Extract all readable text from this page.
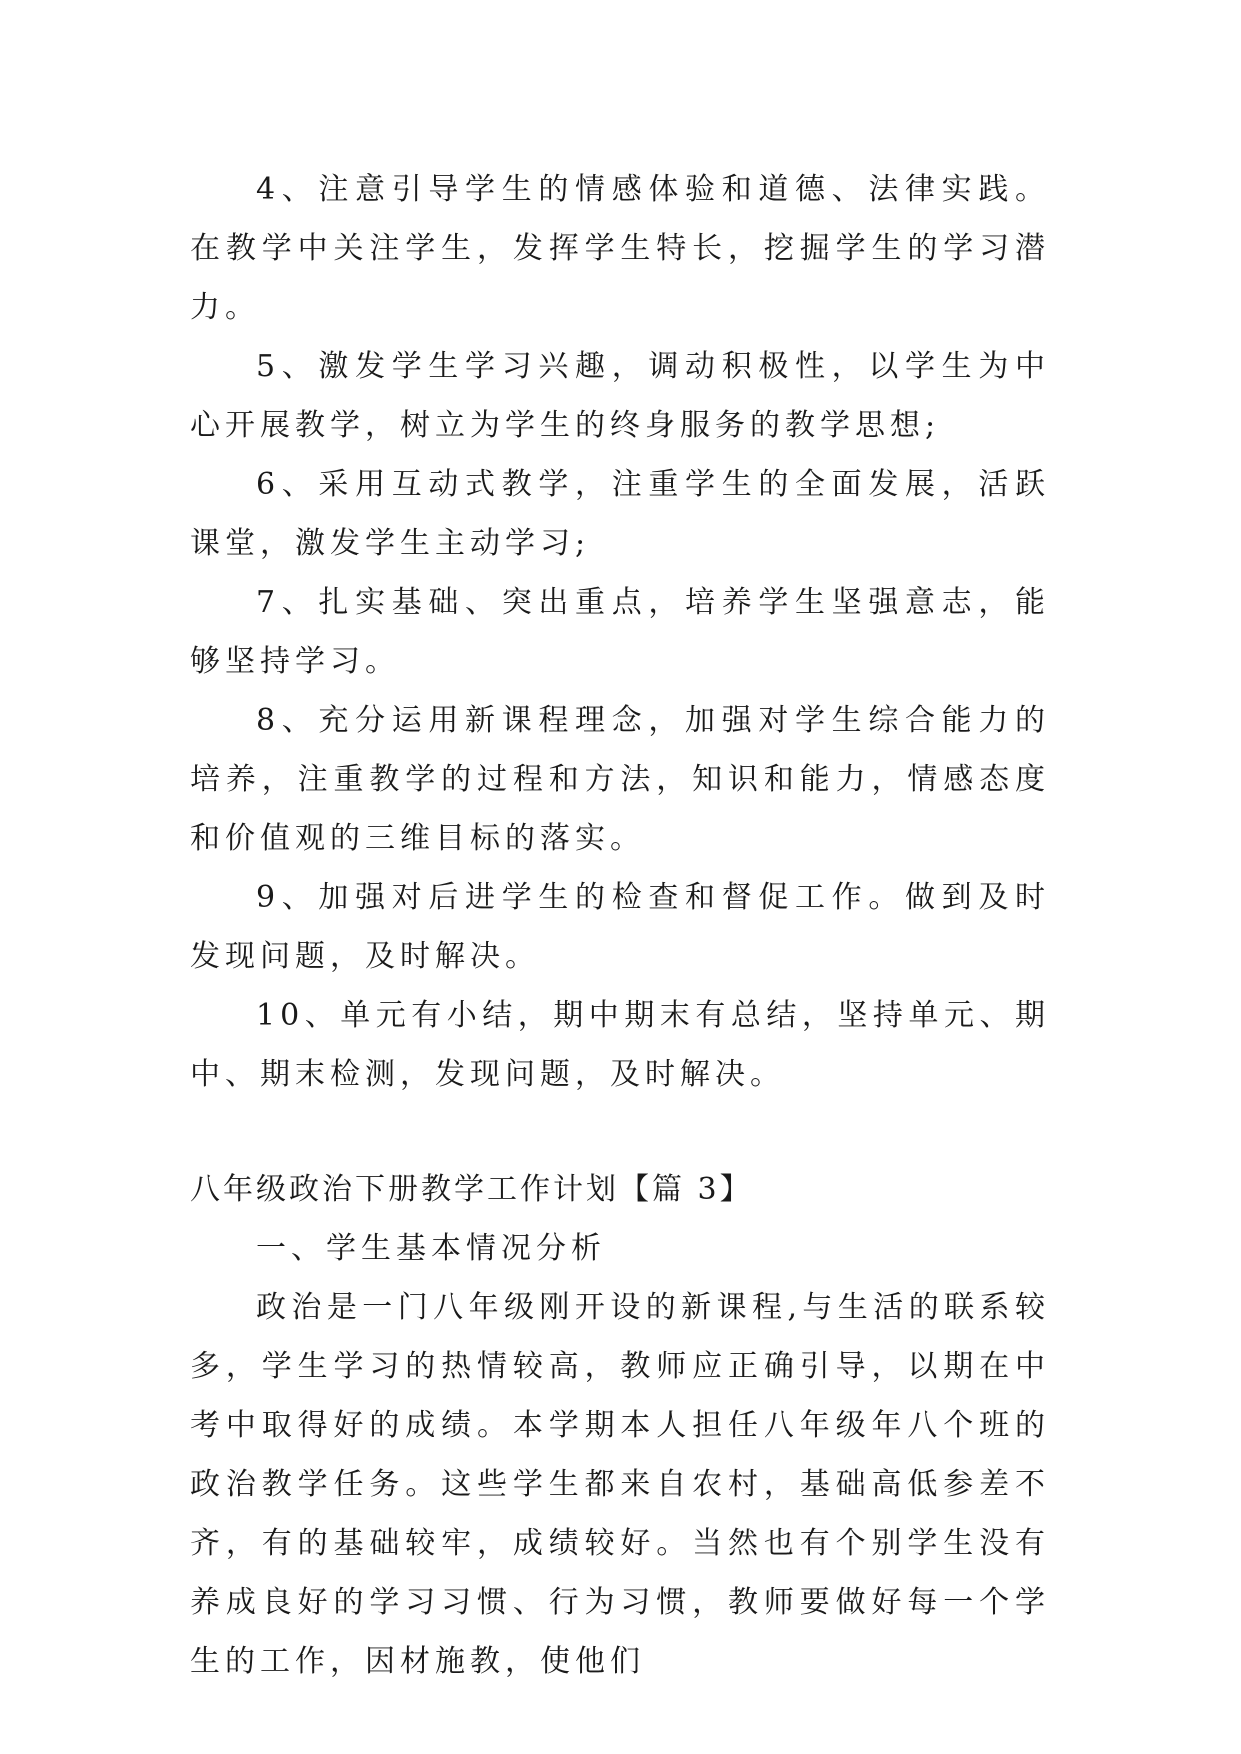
4、注意引导学生的情感体验和道德、法律实践。在教学中关注学生，发挥学生特长，挖掘学生的学习潜力。

5、激发学生学习兴趣，调动积极性，以学生为中心开展教学，树立为学生的终身服务的教学思想;

6、采用互动式教学，注重学生的全面发展，活跃课堂，激发学生主动学习;

7、扎实基础、突出重点，培养学生坚强意志，能够坚持学习。

8、充分运用新课程理念，加强对学生综合能力的培养，注重教学的过程和方法，知识和能力，情感态度和价值观的三维目标的落实。

9、加强对后进学生的检查和督促工作。做到及时发现问题，及时解决。

10、单元有小结，期中期末有总结，坚持单元、期中、期末检测，发现问题，及时解决。

八年级政治下册教学工作计划【篇 3】

一、学生基本情况分析

政治是一门八年级刚开设的新课程,与生活的联系较多，学生学习的热情较高，教师应正确引导，以期在中考中取得好的成绩。本学期本人担任八年级年八个班的政治教学任务。这些学生都来自农村，基础高低参差不齐，有的基础较牢，成绩较好。当然也有个别学生没有养成良好的学习习惯、行为习惯，教师要做好每一个学生的工作，因材施教，使他们
